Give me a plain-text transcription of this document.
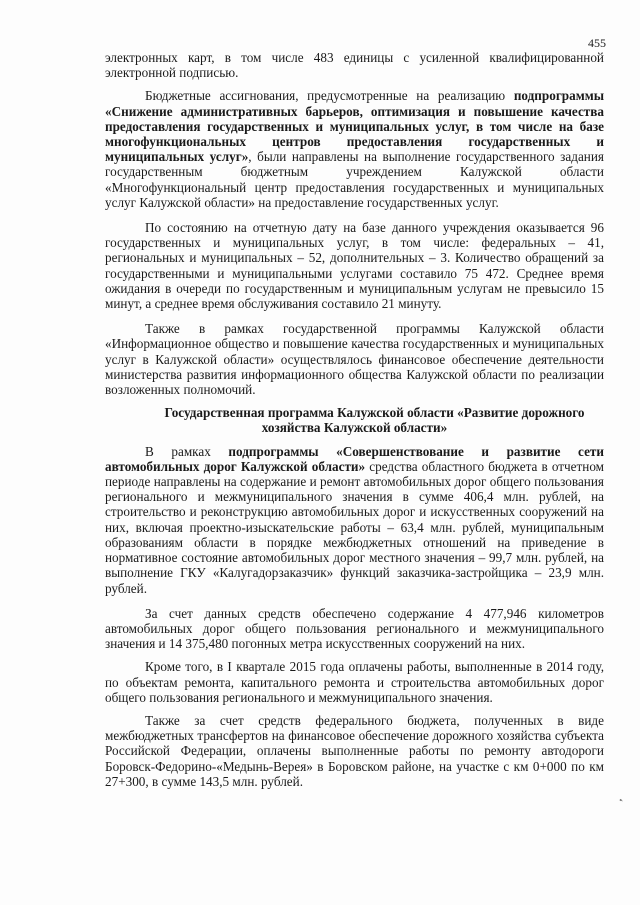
455

электронных карт, в том числе 483 единицы с усиленной квалифицированной электронной подписью.

Бюджетные ассигнования, предусмотренные на реализацию подпрограммы «Снижение административных барьеров, оптимизация и повышение качества предоставления государственных и муниципальных услуг, в том числе на базе многофункциональных центров предоставления государственных и муниципальных услуг», были направлены на выполнение государственного задания государственным бюджетным учреждением Калужской области «Многофункциональный центр предоставления государственных и муниципальных услуг Калужской области» на предоставление государственных услуг.

По состоянию на отчетную дату на базе данного учреждения оказывается 96 государственных и муниципальных услуг, в том числе: федеральных – 41, региональных и муниципальных – 52, дополнительных – 3. Количество обращений за государственными и муниципальными услугами составило 75 472. Среднее время ожидания в очереди по государственным и муниципальным услугам не превысило 15 минут, а среднее время обслуживания составило 21 минуту.

Также в рамках государственной программы Калужской области «Информационное общество и повышение качества государственных и муниципальных услуг в Калужской области» осуществлялось финансовое обеспечение деятельности министерства развития информационного общества Калужской области по реализации возложенных полномочий.

Государственная программа Калужской области «Развитие дорожного хозяйства Калужской области»

В рамках подпрограммы «Совершенствование и развитие сети автомобильных дорог Калужской области» средства областного бюджета в отчетном периоде направлены на содержание и ремонт автомобильных дорог общего пользования регионального и межмуниципального значения в сумме 406,4 млн. рублей, на строительство и реконструкцию автомобильных дорог и искусственных сооружений на них, включая проектно-изыскательские работы – 63,4 млн. рублей, муниципальным образованиям области в порядке межбюджетных отношений на приведение в нормативное состояние автомобильных дорог местного значения – 99,7 млн. рублей, на выполнение ГКУ «Калугадорзаказчик» функций заказчика-застройщика – 23,9 млн. рублей.

За счет данных средств обеспечено содержание 4 477,946 километров автомобильных дорог общего пользования регионального и межмуниципального значения и 14 375,480 погонных метра искусственных сооружений на них.

Кроме того, в I квартале 2015 года оплачены работы, выполненные в 2014 году, по объектам ремонта, капитального ремонта и строительства автомобильных дорог общего пользования регионального и межмуниципального значения.

Также за счет средств федерального бюджета, полученных в виде межбюджетных трансфертов на финансовое обеспечение дорожного хозяйства субъекта Российской Федерации, оплачены выполненные работы по ремонту автодороги Боровск-Федорино-«Медынь-Верея» в Боровском районе, на участке с км 0+000 по км 27+300, в сумме 143,5 млн. рублей.

❜
